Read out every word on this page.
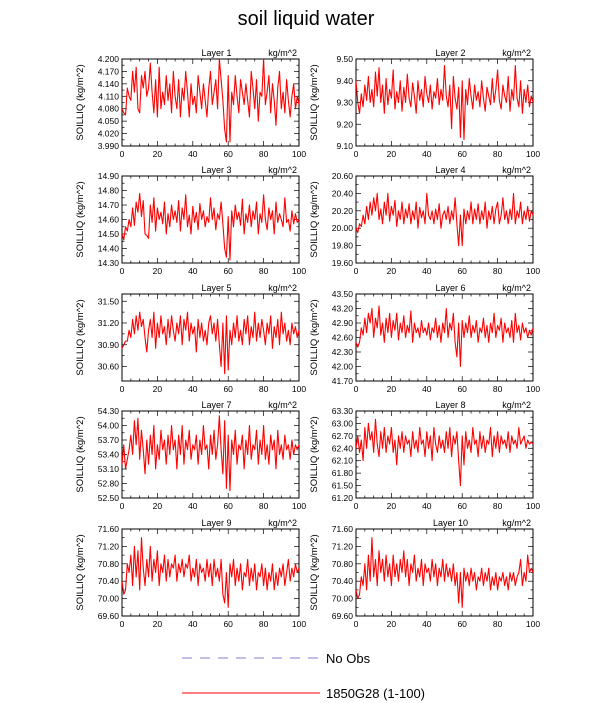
soil liquid water
0	20	40	60	80	100
3.990
4.020
4.050
4.080
4.110
4.140
4.170
4.200
Layer 1	kg/m^2
SOILLIQ (kg/m^2)
0	20	40	60	80	100
9.10
9.20
9.30
9.40
9.50
Layer 2	kg/m^2
SOILLIQ (kg/m^2)
0	20	40	60	80	100
14.30
14.40
14.50
14.60
14.70
14.80
14.90
Layer 3	kg/m^2
SOILLIQ (kg/m^2)
0	20	40	60	80	100
19.60
19.80
20.00
20.20
20.40
20.60
Layer 4	kg/m^2
SOILLIQ (kg/m^2)
0	20	40	60	80	100
30.60
30.90
31.20
31.50
Layer 5	kg/m^2
SOILLIQ (kg/m^2)
0	20	40	60	80	100
41.70
42.00
42.30
42.60
42.90
43.20
43.50
Layer 6	kg/m^2
SOILLIQ (kg/m^2)
0	20	40	60	80	100
52.50
52.80
53.10
53.40
53.70
54.00
54.30
Layer 7	kg/m^2
SOILLIQ (kg/m^2)
0	20	40	60	80	100
61.20
61.50
61.80
62.10
62.40
62.70
63.00
63.30
Layer 8	kg/m^2
SOILLIQ (kg/m^2)
0	20	40	60	80	100
69.60
70.00
70.40
70.80
71.20
71.60
Layer 9	kg/m^2
SOILLIQ (kg/m^2)
0	20	40	60	80	100
69.60
70.00
70.40
70.80
71.20
71.60
Layer 10	kg/m^2
SOILLIQ (kg/m^2)
No Obs
1850G28 (1-100)
